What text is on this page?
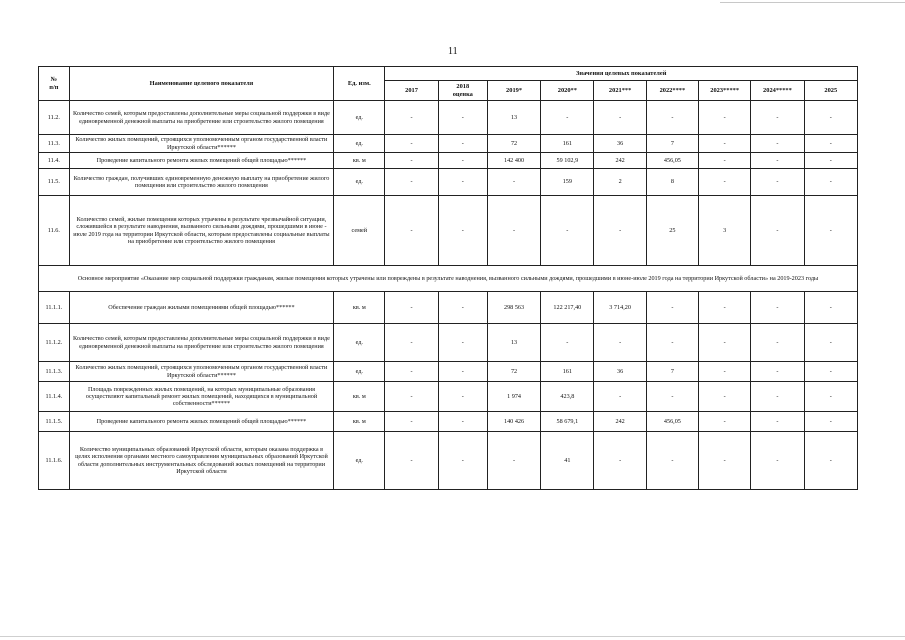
11
№
п/п	Наименование целевого показателя	Ед. изм.	Значения целевых показателей								
			2017	2018
оценка	2019*	2020**	2021***	2022****	2023*****	2024*****	2025
11.2.	Количество семей, которым предоставлены дополнительные меры социальной поддержки в виде единовременной денежной выплаты на приобретение или строительство жилого помещения	ед.	-	-	13	-	-	-	-	-	-
11.3.	Количество жилых помещений, строящихся уполномоченным органом государственной власти Иркутской области******	ед.	-	-	72	161	36	7	-	-	-
11.4.	Проведение капитального ремонта жилых помещений общей площадью******	кв. м	-	-	142 400	59 102,9	242	456,05	-	-	-
11.5.	Количество граждан, получивших единовременную денежную выплату на приобретение жилого помещения или строительство жилого помещения	ед.	-	-	-	159	2	8	-	-	-
11.6.	Количество семей, жилые помещения которых утрачены в результате чрезвычайной ситуации, сложившейся в результате наводнения, вызванного сильными дождями, прошедшими в июне - июле 2019 года на территории Иркутской области, которым предоставлены социальные выплаты на приобретение или строительство жилого помещения	семей	-	-	-	-	-	25	3	-	-
Основное мероприятие «Оказание мер социальной поддержки гражданам, жилые помещения которых утрачены или повреждены в результате наводнения, вызванного сильными дождями, прошедшими в июне-июле 2019 года на территории Иркутской области» на 2019-2023 годы											
11.1.1.	Обеспечение граждан жилыми помещениями общей площадью******	кв. м	-	-	298 563	122 217,40	3 714,20	-	-	-	-
11.1.2.	Количество семей, которым предоставлены дополнительные меры социальной поддержки в виде единовременной денежной выплаты на приобретение или строительство жилого помещения	ед.	-	-	13	-	-	-	-	-	-
11.1.3.	Количество жилых помещений, строящихся уполномоченным органом государственной власти Иркутской области******	ед.	-	-	72	161	36	7	-	-	-
11.1.4.	Площадь поврежденных жилых помещений, на которых муниципальные образования осуществляют капитальный ремонт жилых помещений, находящихся в муниципальной собственности******	кв. м	-	-	1 974	423,8	-	-	-	-	-
11.1.5.	Проведение капитального ремонта жилых помещений общей площадью******	кв. м	-	-	140 426	58 679,1	242	456,05	-	-	-
11.1.6.	Количество муниципальных образований Иркутской области, которым оказана поддержка в целях исполнения органами местного самоуправления муниципальных образований Иркутской области дополнительных инструментальных обследований жилых помещений на территории Иркутской области	ед.	-	-	-	41	-	-	-	-	-
